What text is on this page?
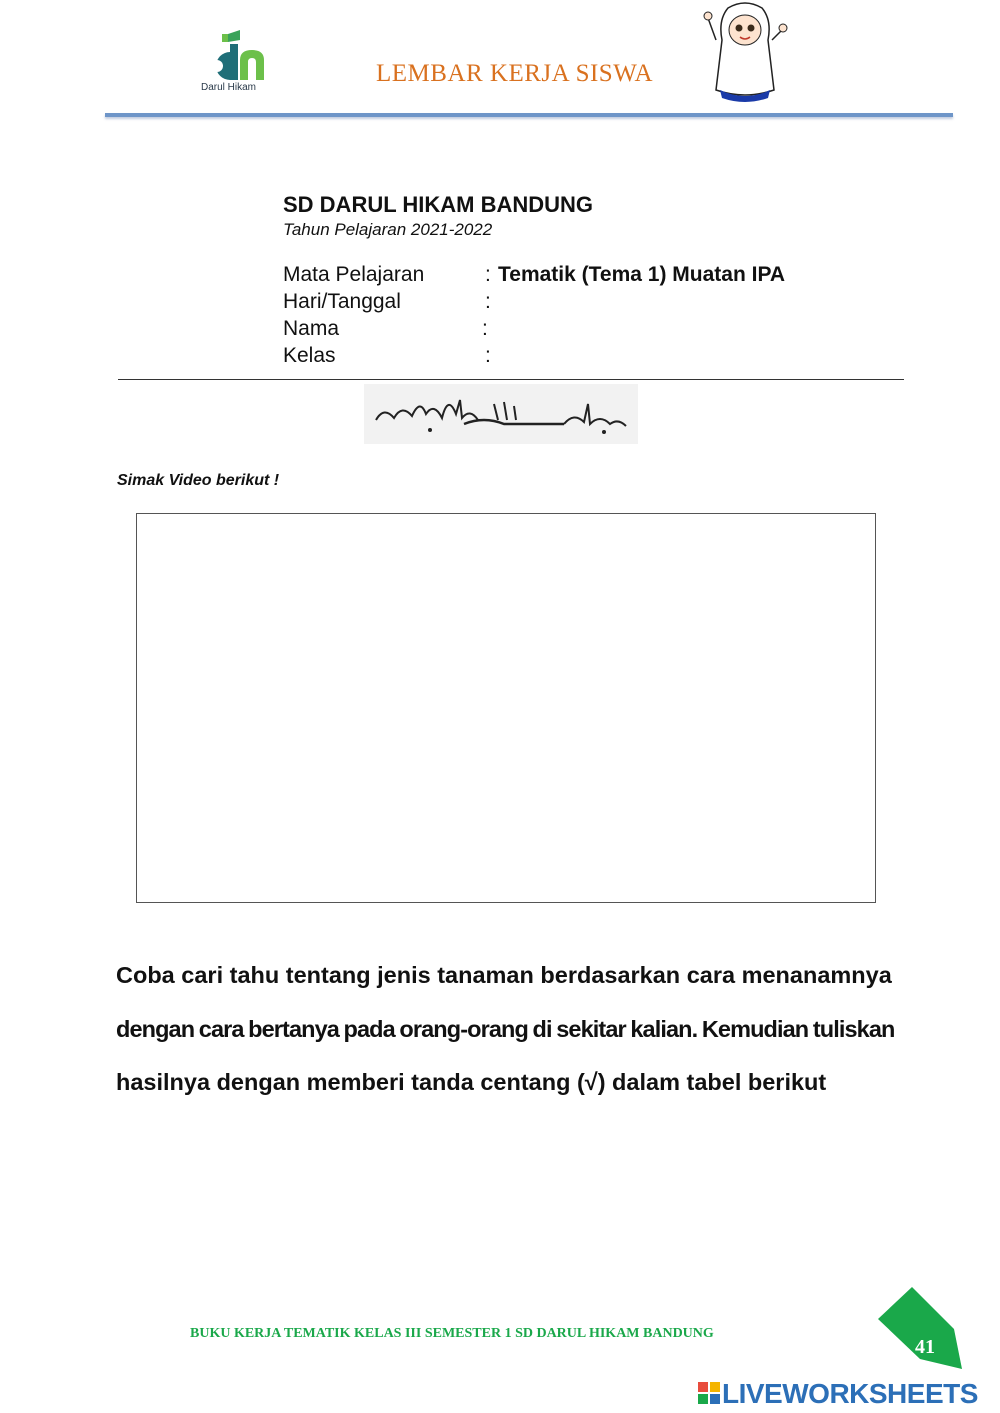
Darul Hikam
LEMBAR KERJA SISWA
SD DARUL HIKAM BANDUNG
Tahun Pelajaran 2021-2022
Mata Pelajaran	: Tematik (Tema 1) Muatan IPA
Hari/Tanggal	:
Nama	:
Kelas	:
Simak Video berikut !
Coba cari tahu tentang jenis tanaman berdasarkan cara menanamnya
dengan cara bertanya pada orang-orang di sekitar kalian. Kemudian tuliskan
hasilnya dengan memberi tanda centang (√) dalam tabel berikut
BUKU KERJA TEMATIK KELAS III SEMESTER 1 SD DARUL HIKAM BANDUNG
41
LIVEWORKSHEETS
